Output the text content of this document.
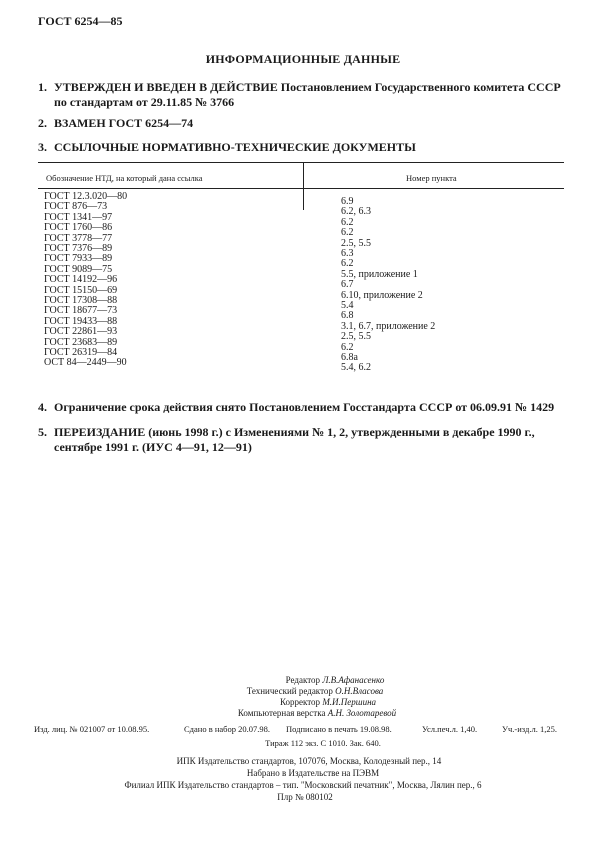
ГОСТ 6254—85
ИНФОРМАЦИОННЫЕ ДАННЫЕ
1. УТВЕРЖДЕН И ВВЕДЕН В ДЕЙСТВИЕ Постановлением Государственного комитета СССР по стандартам от 29.11.85 № 3766
2. ВЗАМЕН ГОСТ 6254—74
3. ССЫЛОЧНЫЕ НОРМАТИВНО-ТЕХНИЧЕСКИЕ ДОКУМЕНТЫ
Обозначение НТД, на который дана ссылка	Номер пункта
ГОСТ 12.3.020—80	6.9
ГОСТ 876—73	6.2, 6.3
ГОСТ 1341—97	6.2
ГОСТ 1760—86	6.2
ГОСТ 3778—77	2.5, 5.5
ГОСТ 7376—89	6.3
ГОСТ 7933—89	6.2
ГОСТ 9089—75	5.5, приложение 1
ГОСТ 14192—96	6.7
ГОСТ 15150—69	6.10, приложение 2
ГОСТ 17308—88	5.4
ГОСТ 18677—73	6.8
ГОСТ 19433—88	3.1, 6.7, приложение 2
ГОСТ 22861—93	2.5, 5.5
ГОСТ 23683—89	6.2
ГОСТ 26319—84	6.8а
ОСТ 84—2449—90	5.4, 6.2
4. Ограничение срока действия снято Постановлением Госстандарта СССР от 06.09.91 № 1429
5. ПЕРЕИЗДАНИЕ (июнь 1998 г.) с Изменениями № 1, 2, утвержденными в декабре 1990 г., сентябре 1991 г. (ИУС 4—91, 12—91)
Редактор Л.В.Афанасенко
Технический редактор О.Н.Власова
Корректор М.И.Першина
Компьютерная верстка А.Н. Золотаревой
Изд. лиц. № 021007 от 10.08.95.	Сдано в набор 20.07.98. Подписано в печать 19.08.98.	Усл.печ.л. 1,40.	Уч.-изд.л. 1,25.
Тираж 112 экз. С 1010. Зак. 640.
ИПК Издательство стандартов, 107076, Москва, Колодезный пер., 14
Набрано в Издательстве на ПЭВМ
Филиал ИПК Издательство стандартов – тип. "Московский печатник", Москва, Лялин пер., 6
Плр № 080102
